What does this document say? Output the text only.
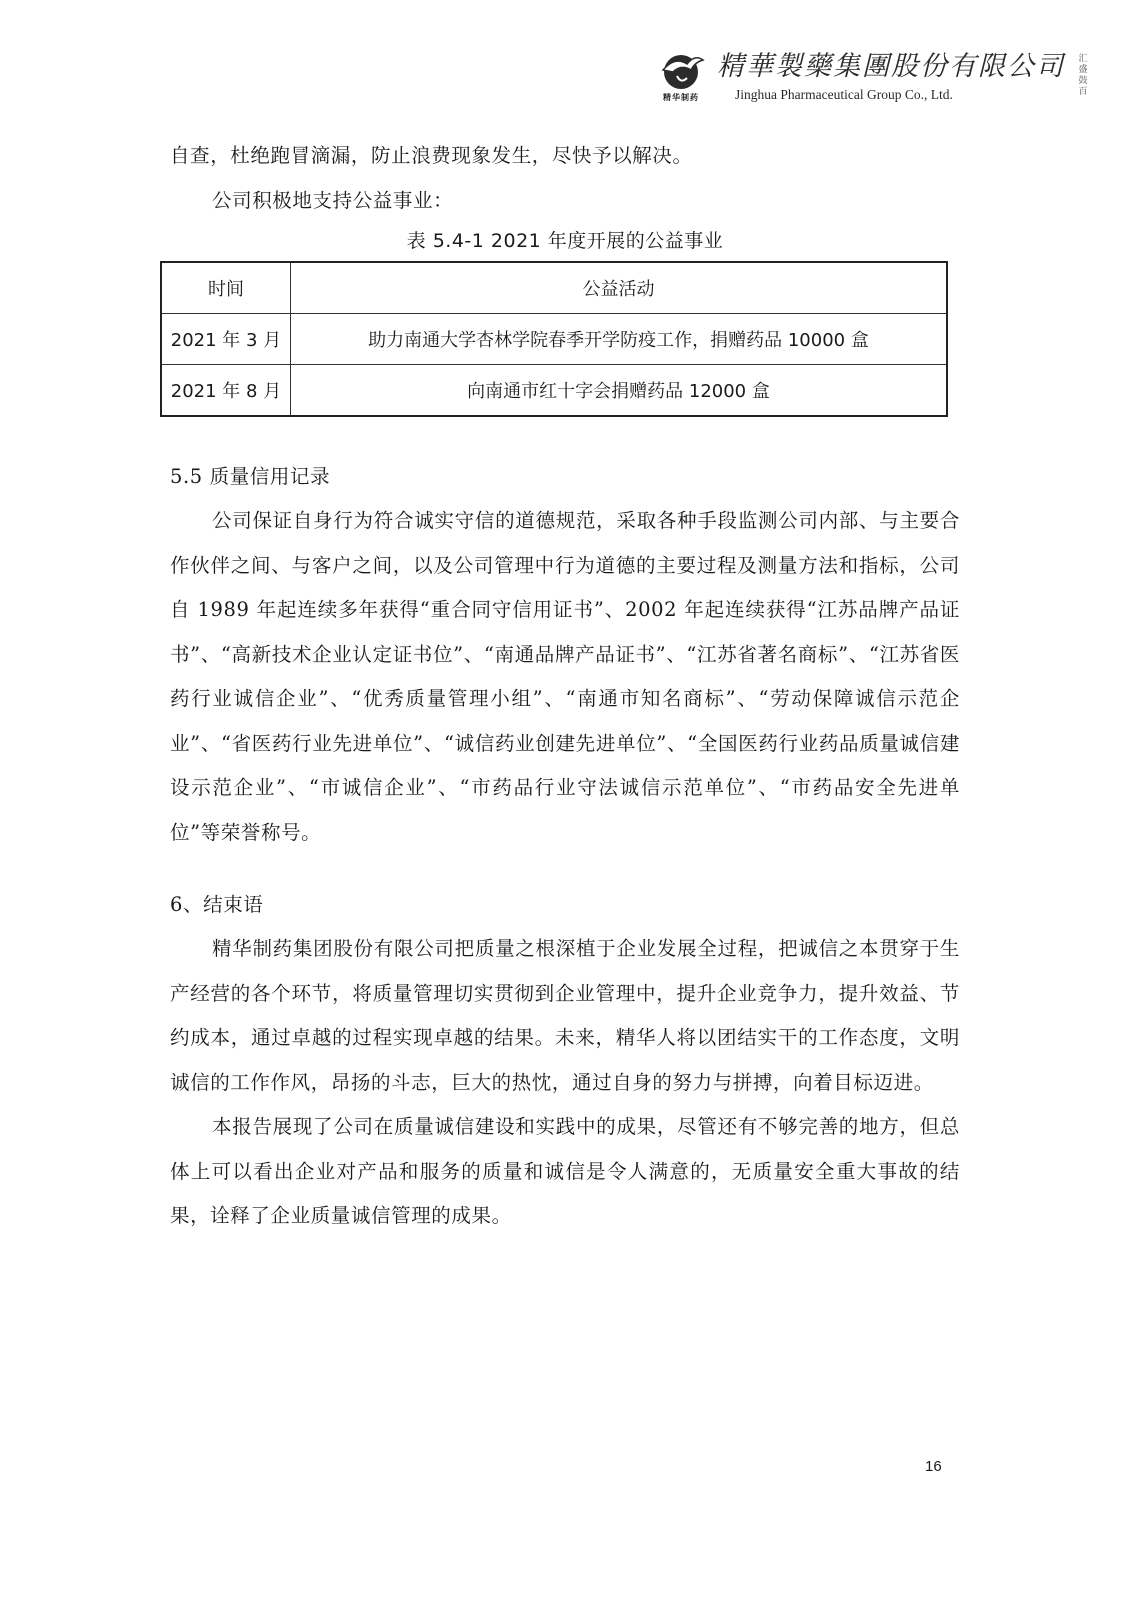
精华制药
精華製藥集團股份有限公司
Jinghua Pharmaceutical Group Co., Ltd.
汇盛鼓百

自查，杜绝跑冒滴漏，防止浪费现象发生，尽快予以解决。

公司积极地支持公益事业：

表 5.4-1 2021 年度开展的公益事业
时间	公益活动
2021 年 3 月	助力南通大学杏林学院春季开学防疫工作，捐赠药品 10000 盒
2021 年 8 月	向南通市红十字会捐赠药品 12000 盒

5.5 质量信用记录

公司保证自身行为符合诚实守信的道德规范，采取各种手段监测公司内部、与主要合作伙伴之间、与客户之间，以及公司管理中行为道德的主要过程及测量方法和指标，公司自 1989 年起连续多年获得“重合同守信用证书”、2002 年起连续获得“江苏品牌产品证书”、“高新技术企业认定证书位”、“南通品牌产品证书”、“江苏省著名商标”、“江苏省医药行业诚信企业”、“优秀质量管理小组”、“南通市知名商标”、“劳动保障诚信示范企业”、“省医药行业先进单位”、“诚信药业创建先进单位”、“全国医药行业药品质量诚信建设示范企业”、“市诚信企业”、“市药品行业守法诚信示范单位”、“市药品安全先进单位”等荣誉称号。

6、结束语

精华制药集团股份有限公司把质量之根深植于企业发展全过程，把诚信之本贯穿于生产经营的各个环节，将质量管理切实贯彻到企业管理中，提升企业竞争力，提升效益、节约成本，通过卓越的过程实现卓越的结果。未来，精华人将以团结实干的工作态度，文明诚信的工作作风，昂扬的斗志，巨大的热忱，通过自身的努力与拼搏，向着目标迈进。

本报告展现了公司在质量诚信建设和实践中的成果，尽管还有不够完善的地方，但总体上可以看出企业对产品和服务的质量和诚信是令人满意的，无质量安全重大事故的结果，诠释了企业质量诚信管理的成果。

16
